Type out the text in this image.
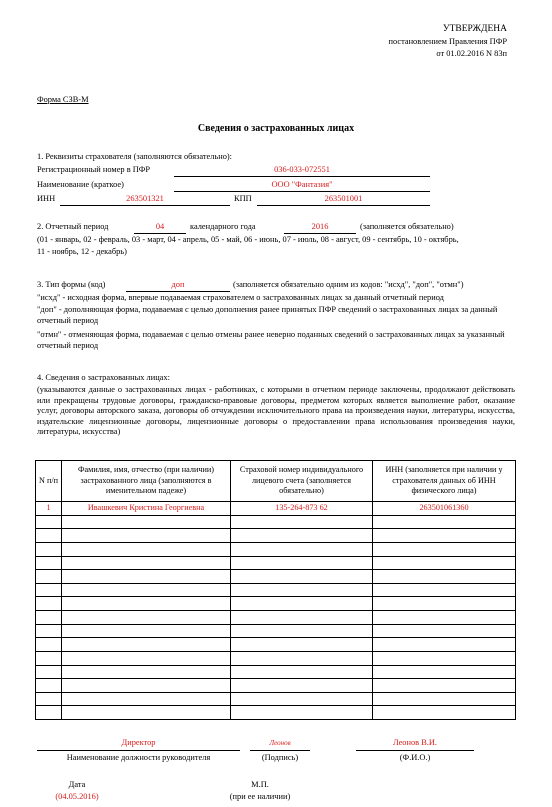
УТВЕРЖДЕНА
постановлением Правления ПФР
от 01.02.2016 N 83п
Форма СЗВ-М
Сведения о застрахованных лицах
1. Реквизиты страхователя (заполняются обязательно):
Регистрационный номер в ПФР	036-033-072551
Наименование (краткое)	ООО "Фантазия"
ИНН	263501321	КПП	263501001
2. Отчетный период	04	календарного года	2016	(заполняется обязательно)
(01 - январь, 02 - февраль, 03 - март, 04 - апрель, 05 - май, 06 - июнь, 07 - июль, 08 - август, 09 - сентябрь, 10 - октябрь,
11 - ноябрь, 12 - декабрь)
3. Тип формы (код)	доп	(заполняется обязательно одним из кодов: "исхд", "доп", "отмн")
"исхд" - исходная форма, впервые подаваемая страхователем о застрахованных лицах за данный отчетный период
"доп" - дополняющая форма, подаваемая с целью дополнения ранее принятых ПФР сведений о застрахованных лицах за данный отчетный период
"отмн" - отменяющая форма, подаваемая с целью отмены ранее неверно поданных сведений о застрахованных лицах за указанный отчетный период
4. Сведения о застрахованных лицах:
(указываются данные о застрахованных лицах - работниках, с которыми в отчетном периоде заключены, продолжают действовать или прекращены трудовые договоры, гражданско-правовые договоры, предметом которых является выполнение работ, оказание услуг, договоры авторского заказа, договоры об отчуждении исключительного права на произведения науки, литературы, искусства, издательские лицензионные договоры, лицензионные договоры о предоставлении права использования произведения науки, литературы, искусства)
N п/п	Фамилия, имя, отчество (при наличии) застрахованного лица (заполняются в именительном падеже)	Страховой номер индивидуального лицевого счета (заполняется обязательно)	ИНН (заполняется при наличии у страхователя данных об ИНН физического лица)
1	Ивашкевич Кристина Георгиевна	135-264-873 62	263501061360

Директор
Наименование должности руководителя
Леонов
(Подпись)
Леонов В.И.
(Ф.И.О.)
Дата
(04.05.2016)
М.П.
(при ее наличии)
